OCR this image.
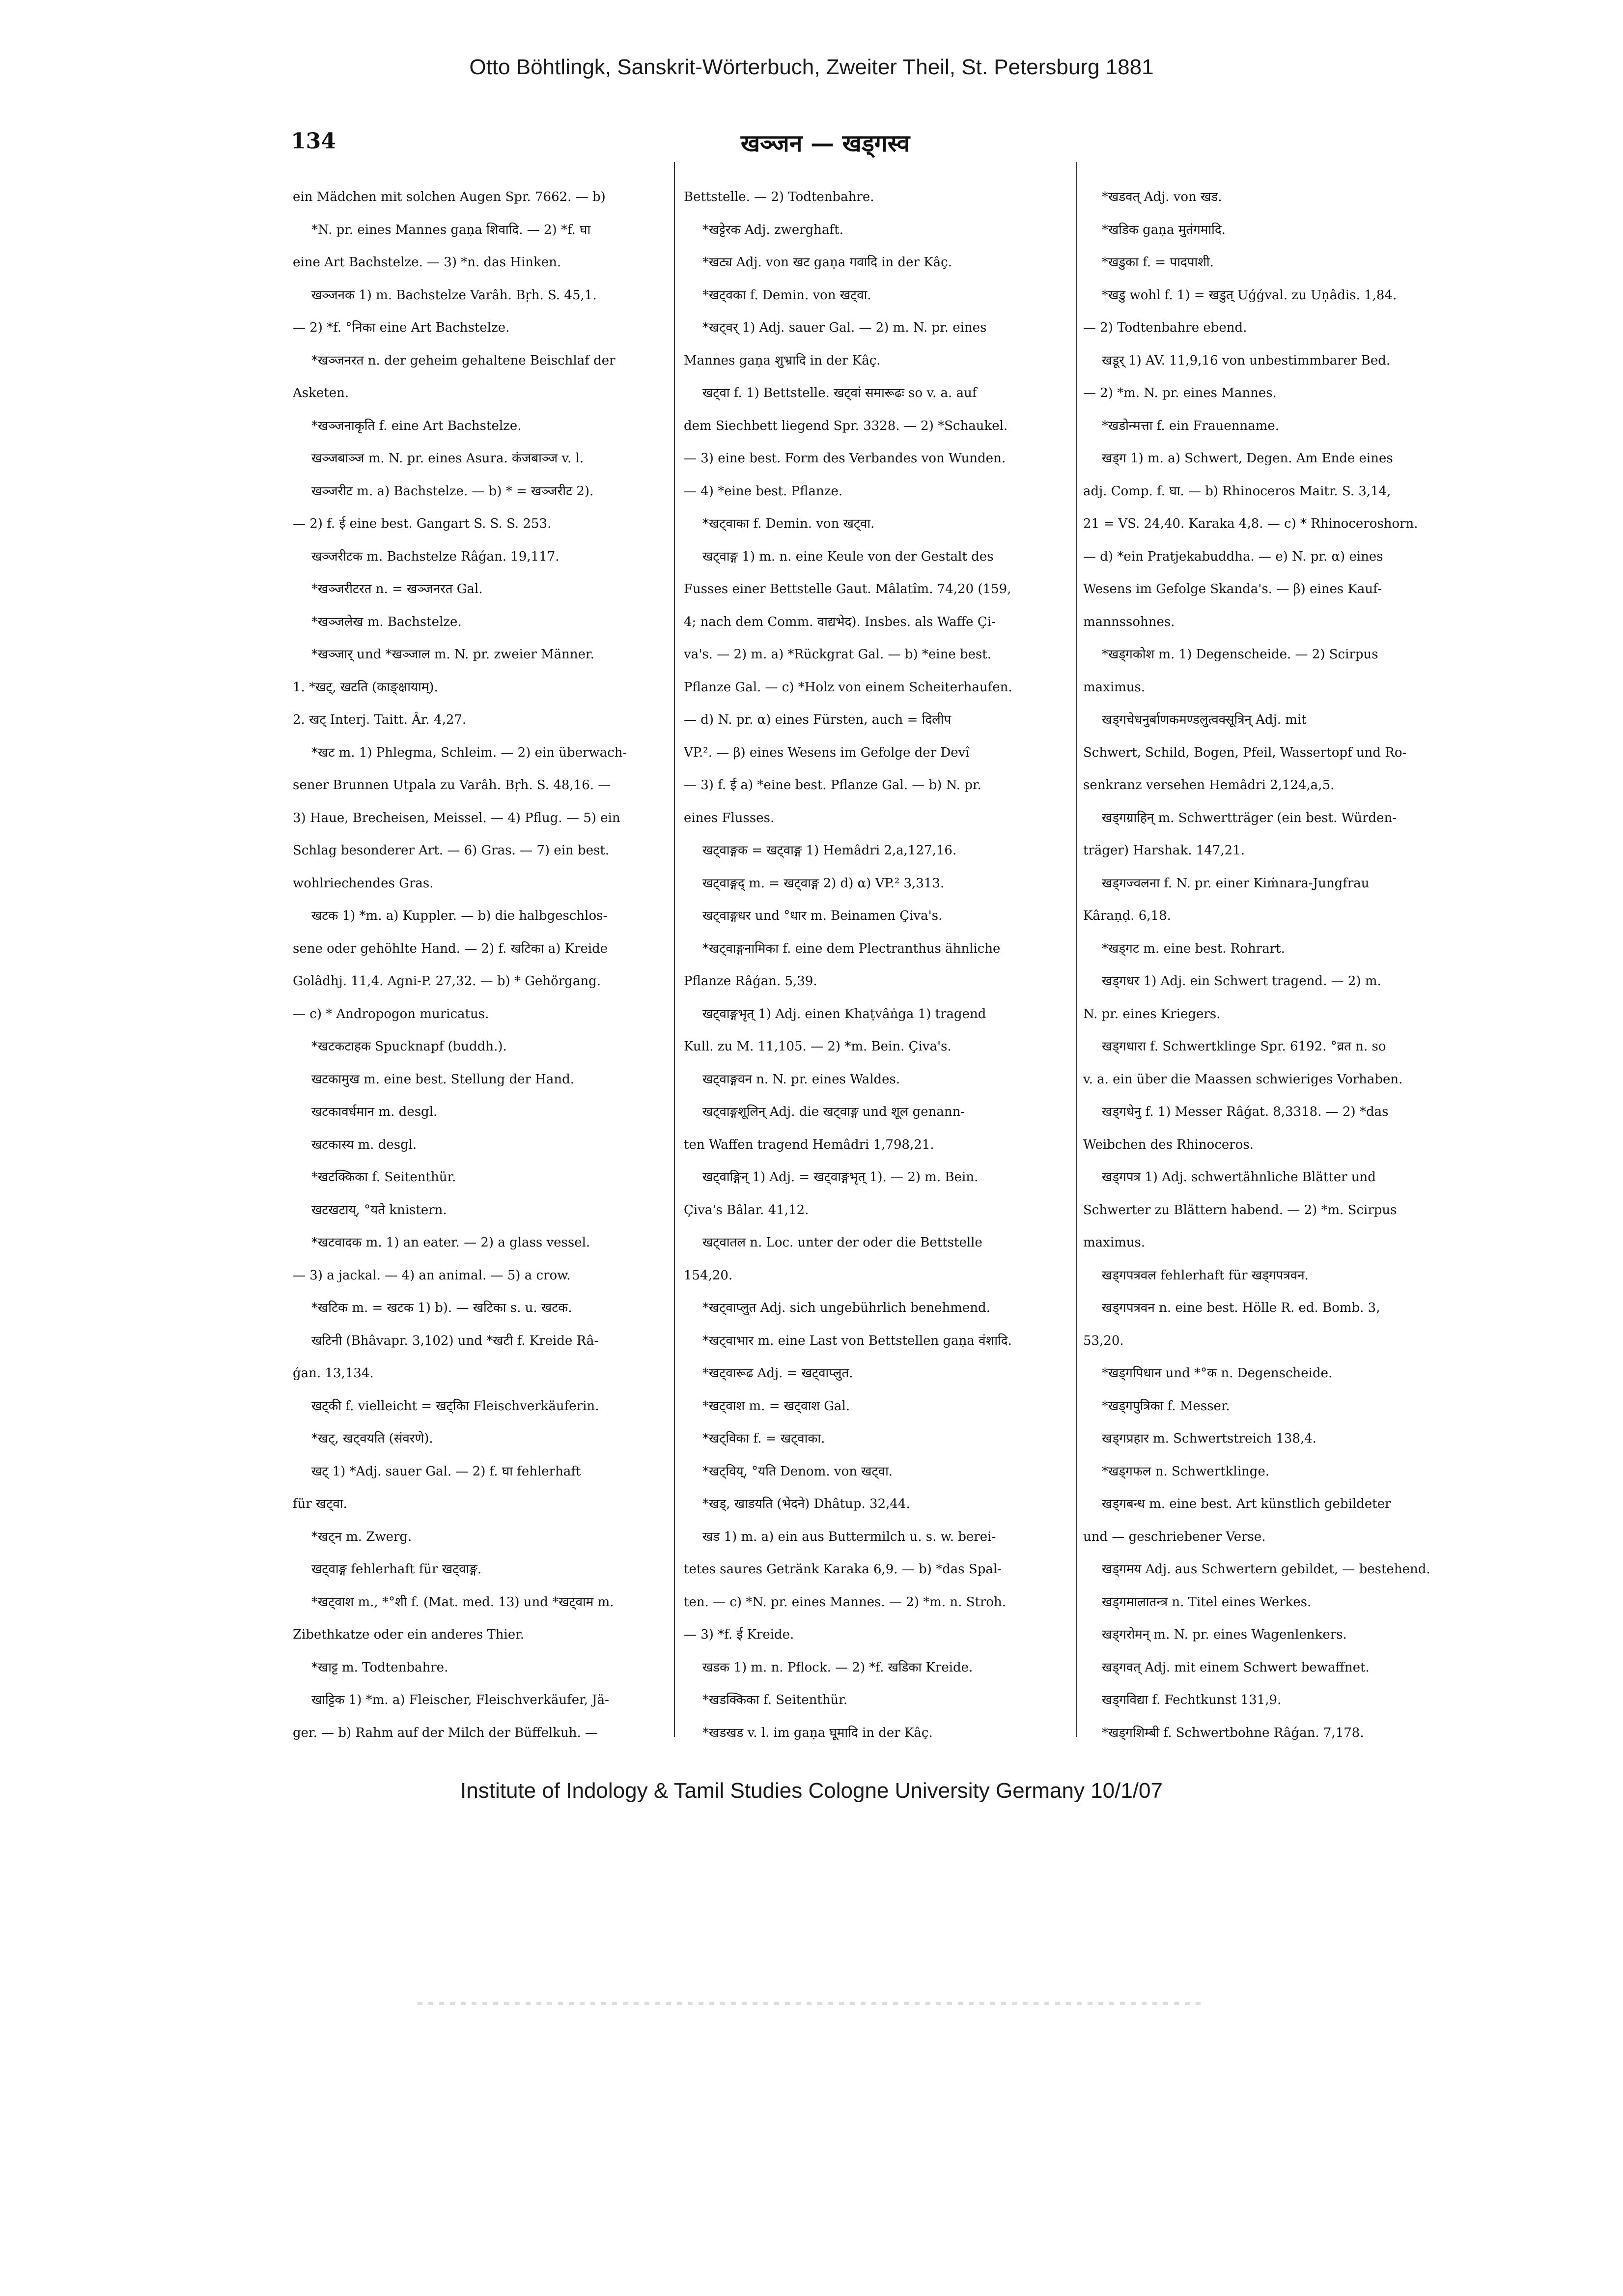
Otto Böhtlingk, Sanskrit-Wörterbuch, Zweiter Theil, St. Petersburg 1881
134	खञ्जन — खड्गस्व

ein Mädchen mit solchen Augen Spr. 7662. — b)

*N. pr. eines Mannes gaṇa शिवादि. — 2) *f. घा

eine Art Bachstelze. — 3) *n. das Hinken.

खञ्जनक 1) m. Bachstelze Varâh. Bṛh. S. 45,1.

— 2) *f. °निका eine Art Bachstelze.

*खञ्जनरत n. der geheim gehaltene Beischlaf der

Asketen.

*खञ्जनाकृति f. eine Art Bachstelze.

खञ्जबाञ्ज m. N. pr. eines Asura. कंजबाञ्ज v. l.

खञ्जरीट m. a) Bachstelze. — b) * = खञ्जरीट 2).

— 2) f. ई eine best. Gangart S. S. S. 253.

खञ्जरीटक m. Bachstelze Râǵan. 19,117.

*खञ्जरीटरत n. = खञ्जनरत Gal.

*खञ्जलेख m. Bachstelze.

*खञ्जार् und *खञ्जाल m. N. pr. zweier Männer.

1. *खट्, खटति (काङ्क्षायाम्).

2. खट् Interj. Taitt. Âr. 4,27.

*खट m. 1) Phlegma, Schleim. — 2) ein überwach-

sener Brunnen Utpala zu Varâh. Bṛh. S. 48,16. —

3) Haue, Brecheisen, Meissel. — 4) Pflug. — 5) ein

Schlag besonderer Art. — 6) Gras. — 7) ein best.

wohlriechendes Gras.

खटक 1) *m. a) Kuppler. — b) die halbgeschlos-

sene oder gehöhlte Hand. — 2) f. खटिका a) Kreide

Golâdhj. 11,4. Agni-P. 27,32. — b) * Gehörgang.

— c) * Andropogon muricatus.

*खटकटाहक Spucknapf (buddh.).

खटकामुख m. eine best. Stellung der Hand.

खटकावर्धमान m. desgl.

खटकास्य m. desgl.

*खटक्किका f. Seitenthür.

खटखटाय्, °यते knistern.

*खटवादक m. 1) an eater. — 2) a glass vessel.

— 3) a jackal. — 4) an animal. — 5) a crow.

*खटिक m. = खटक 1) b). — खटिका s. u. खटक.

खटिनी (Bhâvapr. 3,102) und *खटी f. Kreide Râ-

ǵan. 13,134.

खट्की f. vielleicht = खट्किा Fleischverkäuferin.

*खट्, खट्वयति (संवरणे).

खट् 1) *Adj. sauer Gal. — 2) f. घा fehlerhaft

für खट्वा.

*खट्न m. Zwerg.

खट्वाङ्ग fehlerhaft für खट्वाङ्ग.

*खट्वाश m., *°शी f. (Mat. med. 13) und *खट्वाम m.

Zibethkatze oder ein anderes Thier.

*खाट्ट m. Todtenbahre.

खाट्टिक 1) *m. a) Fleischer, Fleischverkäufer, Jä-

ger. — b) Rahm auf der Milch der Büffelkuh. —

Bettstelle. — 2) Todtenbahre.

*खट्टेरक Adj. zwerghaft.

*खट्य Adj. von खट gaṇa गवादि in der Kâç.

*खट्वका f. Demin. von खट्वा.

*खट्वर् 1) Adj. sauer Gal. — 2) m. N. pr. eines

Mannes gaṇa शुभ्रादि in der Kâç.

खट्वा f. 1) Bettstelle. खट्वां समारूढः so v. a. auf

dem Siechbett liegend Spr. 3328. — 2) *Schaukel.

— 3) eine best. Form des Verbandes von Wunden.

— 4) *eine best. Pflanze.

*खट्वाका f. Demin. von खट्वा.

खट्वाङ्ग 1) m. n. eine Keule von der Gestalt des

Fusses einer Bettstelle Gaut. Mâlatîm. 74,20 (159,

4; nach dem Comm. वाद्यभेद). Insbes. als Waffe Çi-

va's. — 2) m. a) *Rückgrat Gal. — b) *eine best.

Pflanze Gal. — c) *Holz von einem Scheiterhaufen.

— d) N. pr. α) eines Fürsten, auch = दिलीप

VP.². — β) eines Wesens im Gefolge der Devî

— 3) f. ई a) *eine best. Pflanze Gal. — b) N. pr.

eines Flusses.

खट्वाङ्गक = खट्वाङ्ग 1) Hemâdri 2,a,127,16.

खट्वाङ्गद् m. = खट्वाङ्ग 2) d) α) VP.² 3,313.

खट्वाङ्गधर und °धार m. Beinamen Çiva's.

*खट्वाङ्गनामिका f. eine dem Plectranthus ähnliche

Pflanze Râǵan. 5,39.

खट्वाङ्गभृत् 1) Adj. einen Khaṭvâṅga 1) tragend

Kull. zu M. 11,105. — 2) *m. Bein. Çiva's.

खट्वाङ्गवन n. N. pr. eines Waldes.

खट्वाङ्गशूलिन् Adj. die खट्वाङ्ग und शूल genann-

ten Waffen tragend Hemâdri 1,798,21.

खट्वाङ्गिन् 1) Adj. = खट्वाङ्गभृत् 1). — 2) m. Bein.

Çiva's Bâlar. 41,12.

खट्वातल n. Loc. unter der oder die Bettstelle

154,20.

*खट्वाप्लुत Adj. sich ungebührlich benehmend.

*खट्वाभार m. eine Last von Bettstellen gaṇa वंशादि.

*खट्वारूढ Adj. = खट्वाप्लुत.

*खट्वाश m. = खट्वाश Gal.

*खट्विका f. = खट्वाका.

*खट्विय्, °यति Denom. von खट्वा.

*खड्, खाडयति (भेदने) Dhâtup. 32,44.

खड 1) m. a) ein aus Buttermilch u. s. w. berei-

tetes saures Getränk Karaka 6,9. — b) *das Spal-

ten. — c) *N. pr. eines Mannes. — 2) *m. n. Stroh.

— 3) *f. ई Kreide.

खडक 1) m. n. Pflock. — 2) *f. खडिका Kreide.

*खडक्किका f. Seitenthür.

*खडखड v. l. im gaṇa घूमादि in der Kâç.

*खडवत् Adj. von खड.

*खडिक gaṇa मुतंगमादि.

*खडुका f. = पादपाशी.

*खडु wohl f. 1) = खडुत् Uǵǵval. zu Uṇâdis. 1,84.

— 2) Todtenbahre ebend.

खडूर् 1) AV. 11,9,16 von unbestimmbarer Bed.

— 2) *m. N. pr. eines Mannes.

*खडोन्मत्ता f. ein Frauenname.

खड्ग 1) m. a) Schwert, Degen. Am Ende eines

adj. Comp. f. घा. — b) Rhinoceros Maitr. S. 3,14,

21 = VS. 24,40. Karaka 4,8. — c) * Rhinoceroshorn.

— d) *ein Pratjekabuddha. — e) N. pr. α) eines

Wesens im Gefolge Skanda's. — β) eines Kauf-

mannssohnes.

*खड्गकोश m. 1) Degenscheide. — 2) Scirpus

maximus.

खड्गचेधनुर्बाणकमण्डलुत्वक्सूत्रिन् Adj. mit

Schwert, Schild, Bogen, Pfeil, Wassertopf und Ro-

senkranz versehen Hemâdri 2,124,a,5.

खड्गग्राहिन् m. Schwertträger (ein best. Würden-

träger) Harshak. 147,21.

खड्गज्वलना f. N. pr. einer Kiṁnara-Jungfrau

Kâraṇḍ. 6,18.

*खड्गट m. eine best. Rohrart.

खड्गधर 1) Adj. ein Schwert tragend. — 2) m.

N. pr. eines Kriegers.

खड्गधारा f. Schwertklinge Spr. 6192. °व्रत n. so

v. a. ein über die Maassen schwieriges Vorhaben.

खड्गधेनु f. 1) Messer Râǵat. 8,3318. — 2) *das

Weibchen des Rhinoceros.

खड्गपत्र 1) Adj. schwertähnliche Blätter und

Schwerter zu Blättern habend. — 2) *m. Scirpus

maximus.

खड्गपत्रवल fehlerhaft für खड्गपत्रवन.

खड्गपत्रवन n. eine best. Hölle R. ed. Bomb. 3,

53,20.

*खड्गपिधान und *°क n. Degenscheide.

*खड्गपुत्रिका f. Messer.

खड्गप्रहार m. Schwertstreich 138,4.

*खड्गफल n. Schwertklinge.

खड्गबन्ध m. eine best. Art künstlich gebildeter

und — geschriebener Verse.

खड्गमय Adj. aus Schwertern gebildet, — bestehend.

खड्गमालातन्त्र n. Titel eines Werkes.

खड्गरोमन् m. N. pr. eines Wagenlenkers.

खड्गवत् Adj. mit einem Schwert bewaffnet.

खड्गविद्या f. Fechtkunst 131,9.

*खड्गशिम्बी f. Schwertbohne Râǵan. 7,178.

Institute of Indology & Tamil Studies Cologne University Germany 10/1/07
